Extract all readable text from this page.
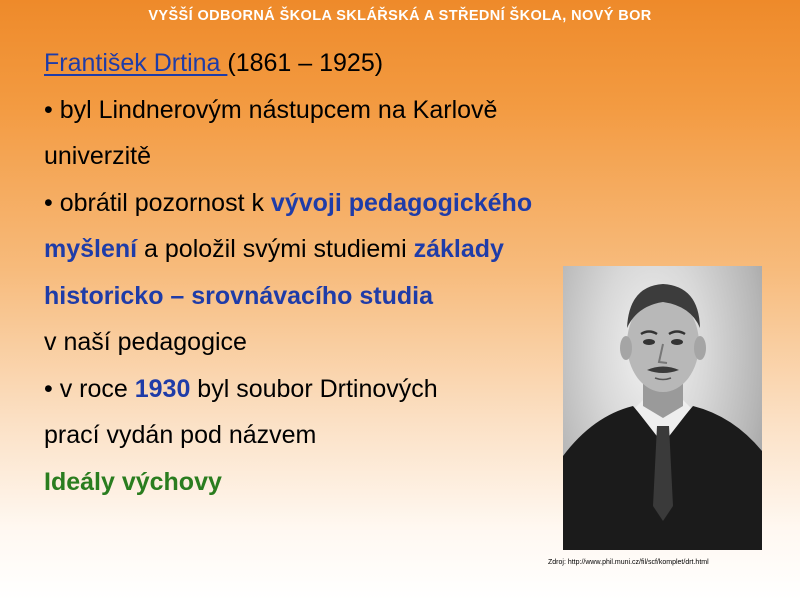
VYŠŠÍ ODBORNÁ ŠKOLA SKLÁŘSKÁ A STŘEDNÍ ŠKOLA, NOVÝ BOR
František Drtina (1861 – 1925)
• byl Lindnerovým nástupcem na Karlově
univerzitě
• obrátil pozornost k vývoji pedagogického
myšlení a položil svými studiemi základy
historicko – srovnávacího studia
v naší pedagogice
• v roce 1930 byl soubor Drtinových
prací vydán pod názvem
Ideály výchovy
Zdroj: http://www.phil.muni.cz/fil/scf/komplet/drt.html
